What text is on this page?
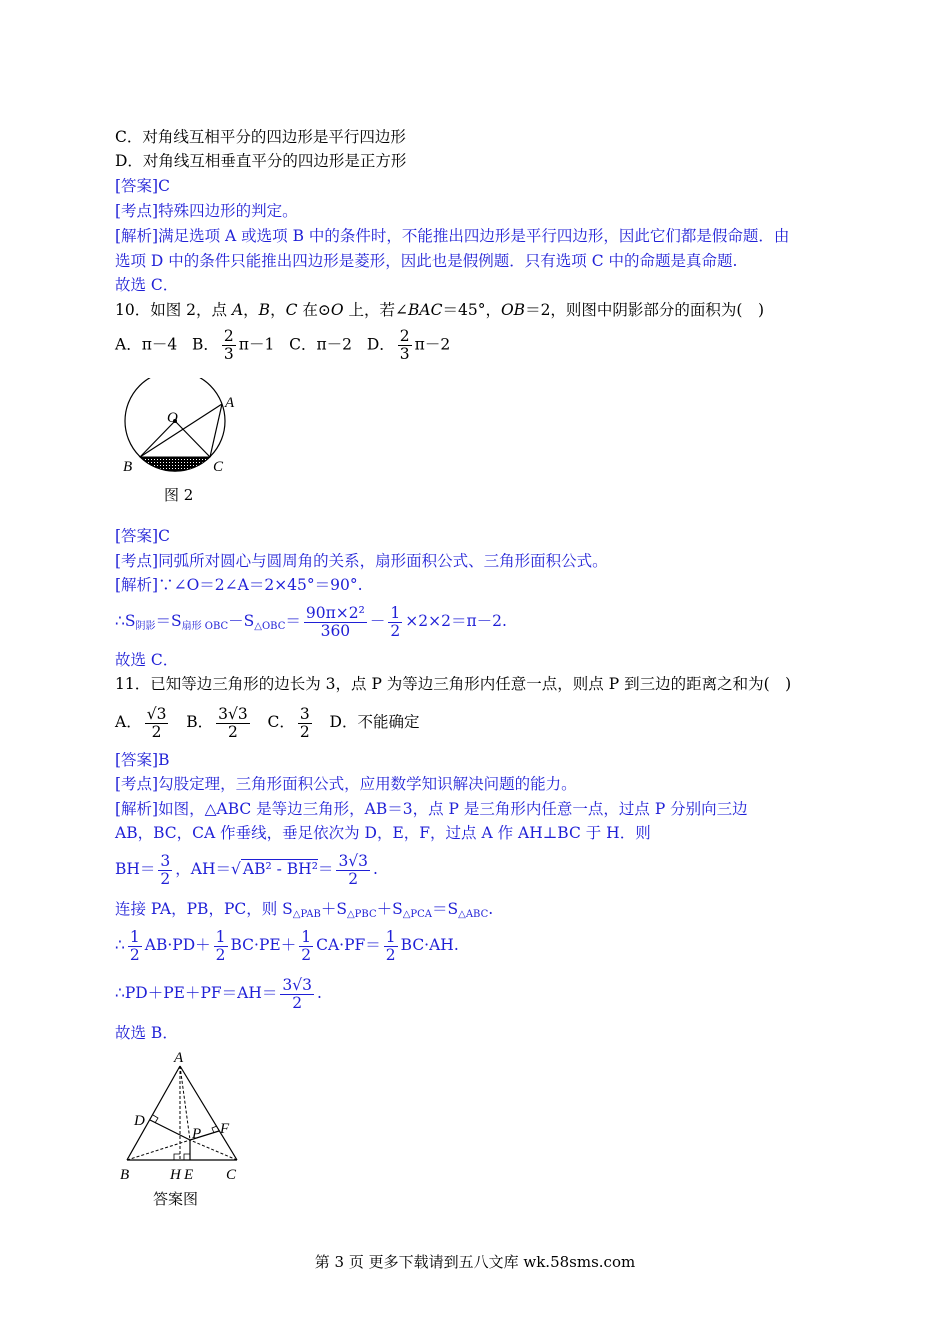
C．对角线互相平分的四边形是平行四边形
D．对角线互相垂直平分的四边形是正方形
[答案]C
[考点]特殊四边形的判定。
[解析]满足选项 A 或选项 B 中的条件时，不能推出四边形是平行四边形，因此它们都是假命题．由
选项 D 中的条件只能推出四边形是菱形，因此也是假例题．只有选项 C 中的命题是真命题.
故选 C．
10．如图 2，点 A，B，C 在⊙O 上，若∠BAC＝45°，OB＝2，则图中阴影部分的面积为(　)
A．π－4 B． $\frac{2}{3} \pi-1$ C．π－2 D． $\frac{2}{3} \pi-2$
O
A
B	C
图 2
[答案]C
[考点]同弧所对圆心与圆周角的关系，扇形面积公式、三角形面积公式。
[解析]∵∠O＝2∠A＝2×45°＝90°.
$\therefore S_{阴影}=S_{扇形 OBC}-S_{\triangle OBC}= \frac{\text{90π×2²}}{360} - \frac{1}{2} \times 2\times 2=\pi-2$.
故选 C．
11．已知等边三角形的边长为 3，点 P 为等边三角形内任意一点，则点 P 到三边的距离之和为(　)
A． $\frac{√3}{2}$ B． $\frac{3√3}{2}$ C． $\frac{3}{2}$ D．不能确定
[答案]B
[考点]勾股定理，三角形面积公式，应用数学知识解决问题的能力。
[解析]如图，△ABC 是等边三角形，AB＝3，点 P 是三角形内任意一点，过点 P 分别向三边
AB，BC，CA 作垂线，垂足依次为 D，E，F，过点 A 作 AH⊥BC 于 H．则
$BH= \frac{3}{2}$ ，AH＝√ $AB^2 - BH^2= \frac{3√3}{2}$ .
连接 PA，PB，PC，则 $S_{\triangle PAB}+S_{\triangle PBC}+S_{\triangle PCA}=S_{\triangle ABC}$.
∴ $\frac{1}{2} AB\cdot PD+ \frac{1}{2} BC\cdot PE+ \frac{1}{2} CA\cdot PF= \frac{1}{2} BC\cdot AH$.
∴PD＋PE＋PF＝AH＝ $\frac{3√3}{2}$ .
故选 B．
A
D	F
P
B	H E C
答案图
第 3 页 更多下载请到五八文库 wk.58sms.com
